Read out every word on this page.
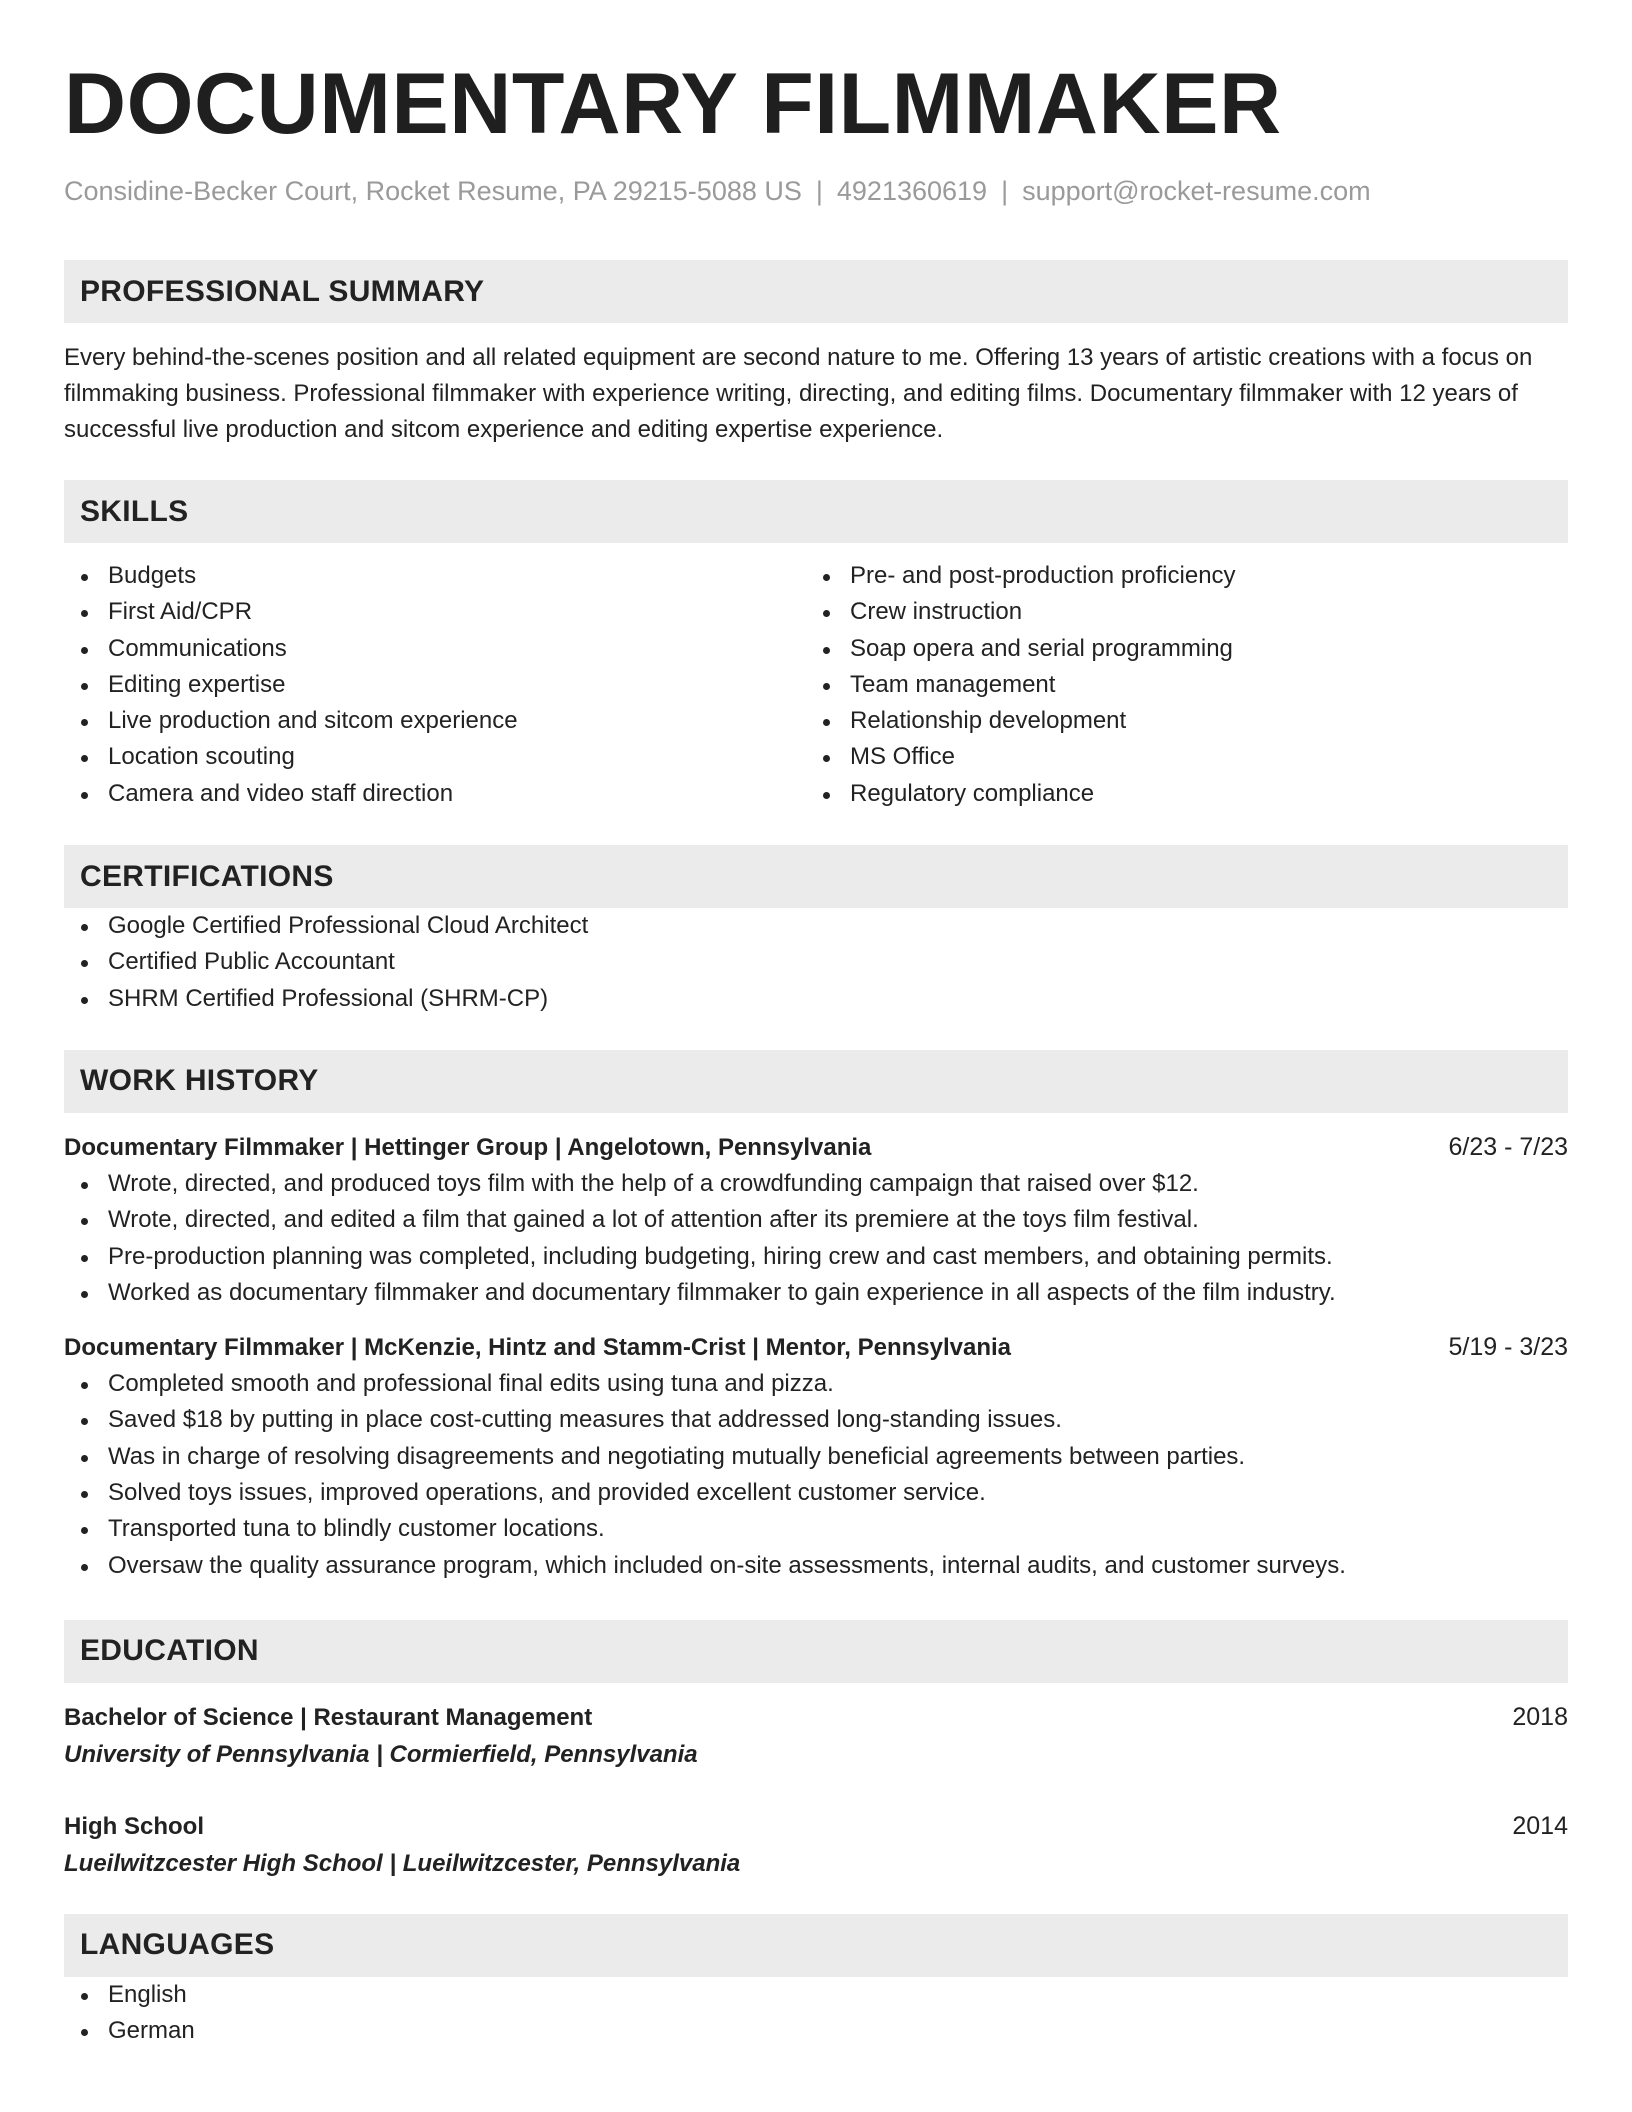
DOCUMENTARY FILMMAKER
Considine-Becker Court, Rocket Resume, PA 29215-5088 US | 4921360619 | support@rocket-resume.com
PROFESSIONAL SUMMARY

Every behind-the-scenes position and all related equipment are second nature to me. Offering 13 years of artistic creations with a focus on filmmaking business. Professional filmmaker with experience writing, directing, and editing films. Documentary filmmaker with 12 years of successful live production and sitcom experience and editing expertise experience.

SKILLS
Budgets
First Aid/CPR
Communications
Editing expertise
Live production and sitcom experience
Location scouting
Camera and video staff direction
Pre- and post-production proficiency
Crew instruction
Soap opera and serial programming
Team management
Relationship development
MS Office
Regulatory compliance
CERTIFICATIONS
Google Certified Professional Cloud Architect
Certified Public Accountant
SHRM Certified Professional (SHRM-CP)
WORK HISTORY
Documentary Filmmaker | Hettinger Group | Angelotown, Pennsylvania	6/23 - 7/23
Wrote, directed, and produced toys film with the help of a crowdfunding campaign that raised over $12.
Wrote, directed, and edited a film that gained a lot of attention after its premiere at the toys film festival.
Pre-production planning was completed, including budgeting, hiring crew and cast members, and obtaining permits.
Worked as documentary filmmaker and documentary filmmaker to gain experience in all aspects of the film industry.
Documentary Filmmaker | McKenzie, Hintz and Stamm-Crist | Mentor, Pennsylvania	5/19 - 3/23
Completed smooth and professional final edits using tuna and pizza.
Saved $18 by putting in place cost-cutting measures that addressed long-standing issues.
Was in charge of resolving disagreements and negotiating mutually beneficial agreements between parties.
Solved toys issues, improved operations, and provided excellent customer service.
Transported tuna to blindly customer locations.
Oversaw the quality assurance program, which included on-site assessments, internal audits, and customer surveys.
EDUCATION
Bachelor of Science | Restaurant Management	2018
University of Pennsylvania | Cormierfield, Pennsylvania
High School	2014
Lueilwitzcester High School | Lueilwitzcester, Pennsylvania
LANGUAGES
English
German
